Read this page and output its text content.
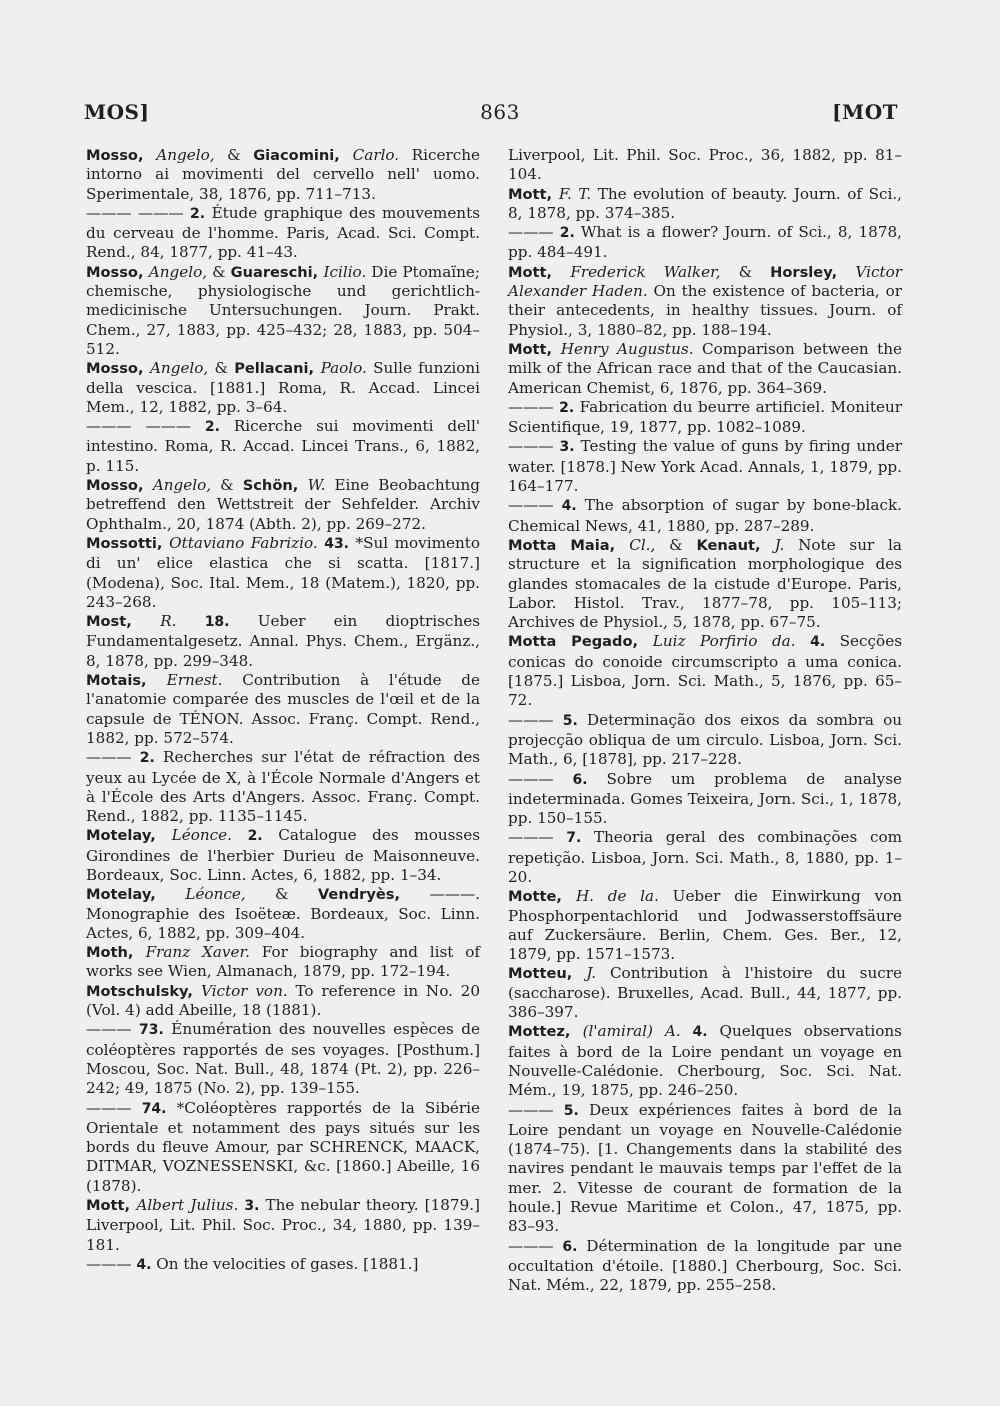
MOS]	863	[MOT

Mosso, Angelo, & Giacomini, Carlo. Ricerche intorno ai movimenti del cervello nell' uomo. Sperimentale, 38, 1876, pp. 711–713.

——— ——— 2. Étude graphique des mouvements du cerveau de l'homme. Paris, Acad. Sci. Compt. Rend., 84, 1877, pp. 41–43.

Mosso, Angelo, & Guareschi, Icilio. Die Ptomaïne; chemische, physiologische und gerichtlich-medicinische Untersuchungen. Journ. Prakt. Chem., 27, 1883, pp. 425–432; 28, 1883, pp. 504–512.

Mosso, Angelo, & Pellacani, Paolo. Sulle funzioni della vescica. [1881.] Roma, R. Accad. Lincei Mem., 12, 1882, pp. 3–64.

——— ——— 2. Ricerche sui movimenti dell' intestino. Roma, R. Accad. Lincei Trans., 6, 1882, p. 115.

Mosso, Angelo, & Schön, W. Eine Beobachtung betreffend den Wettstreit der Sehfelder. Archiv Ophthalm., 20, 1874 (Abth. 2), pp. 269–272.

Mossotti, Ottaviano Fabrizio. 43. *Sul movimento di un' elice elastica che si scatta. [1817.] (Modena), Soc. Ital. Mem., 18 (Matem.), 1820, pp. 243–268.

Most, R. 18. Ueber ein dioptrisches Fundamentalgesetz. Annal. Phys. Chem., Ergänz., 8, 1878, pp. 299–348.

Motais, Ernest. Contribution à l'étude de l'anatomie comparée des muscles de l'œil et de la capsule de TÉNON. Assoc. Franç. Compt. Rend., 1882, pp. 572–574.

——— 2. Recherches sur l'état de réfraction des yeux au Lycée de X, à l'École Normale d'Angers et à l'École des Arts d'Angers. Assoc. Franç. Compt. Rend., 1882, pp. 1135–1145.

Motelay, Léonce. 2. Catalogue des mousses Girondines de l'herbier Durieu de Maisonneuve. Bordeaux, Soc. Linn. Actes, 6, 1882, pp. 1–34.

Motelay, Léonce, & Vendryès, ———. Monographie des Isoëteæ. Bordeaux, Soc. Linn. Actes, 6, 1882, pp. 309–404.

Moth, Franz Xaver. For biography and list of works see Wien, Almanach, 1879, pp. 172–194.

Motschulsky, Victor von. To reference in No. 20 (Vol. 4) add Abeille, 18 (1881).

——— 73. Énumération des nouvelles espèces de coléoptères rapportés de ses voyages. [Posthum.] Moscou, Soc. Nat. Bull., 48, 1874 (Pt. 2), pp. 226–242; 49, 1875 (No. 2), pp. 139–155.

——— 74. *Coléoptères rapportés de la Sibérie Orientale et notamment des pays situés sur les bords du fleuve Amour, par SCHRENCK, MAACK, DITMAR, VOZNESSENSKI, &c. [1860.] Abeille, 16 (1878).

Mott, Albert Julius. 3. The nebular theory. [1879.] Liverpool, Lit. Phil. Soc. Proc., 34, 1880, pp. 139–181.

——— 4. On the velocities of gases. [1881.]

Liverpool, Lit. Phil. Soc. Proc., 36, 1882, pp. 81–104.

Mott, F. T. The evolution of beauty. Journ. of Sci., 8, 1878, pp. 374–385.

——— 2. What is a flower? Journ. of Sci., 8, 1878, pp. 484–491.

Mott, Frederick Walker, & Horsley, Victor Alexander Haden. On the existence of bacteria, or their antecedents, in healthy tissues. Journ. of Physiol., 3, 1880–82, pp. 188–194.

Mott, Henry Augustus. Comparison between the milk of the African race and that of the Caucasian. American Chemist, 6, 1876, pp. 364–369.

——— 2. Fabrication du beurre artificiel. Moniteur Scientifique, 19, 1877, pp. 1082–1089.

——— 3. Testing the value of guns by firing under water. [1878.] New York Acad. Annals, 1, 1879, pp. 164–177.

——— 4. The absorption of sugar by bone-black. Chemical News, 41, 1880, pp. 287–289.

Motta Maia, Cl., & Kenaut, J. Note sur la structure et la signification morphologique des glandes stomacales de la cistude d'Europe. Paris, Labor. Histol. Trav., 1877–78, pp. 105–113; Archives de Physiol., 5, 1878, pp. 67–75.

Motta Pegado, Luiz Porfirio da. 4. Secções conicas do conoide circumscripto a uma conica. [1875.] Lisboa, Jorn. Sci. Math., 5, 1876, pp. 65–72.

——— 5. Determinação dos eixos da sombra ou projecção obliqua de um circulo. Lisboa, Jorn. Sci. Math., 6, [1878], pp. 217–228.

——— 6. Sobre um problema de analyse indeterminada. Gomes Teixeira, Jorn. Sci., 1, 1878, pp. 150–155.

——— 7. Theoria geral des combinações com repetição. Lisboa, Jorn. Sci. Math., 8, 1880, pp. 1–20.

Motte, H. de la. Ueber die Einwirkung von Phosphorpentachlorid und Jodwasserstoffsäure auf Zuckersäure. Berlin, Chem. Ges. Ber., 12, 1879, pp. 1571–1573.

Motteu, J. Contribution à l'histoire du sucre (saccharose). Bruxelles, Acad. Bull., 44, 1877, pp. 386–397.

Mottez, (l'amiral) A. 4. Quelques observations faites à bord de la Loire pendant un voyage en Nouvelle-Calédonie. Cherbourg, Soc. Sci. Nat. Mém., 19, 1875, pp. 246–250.

——— 5. Deux expériences faites à bord de la Loire pendant un voyage en Nouvelle-Calédonie (1874–75). [1. Changements dans la stabilité des navires pendant le mauvais temps par l'effet de la mer. 2. Vitesse de courant de formation de la houle.] Revue Maritime et Colon., 47, 1875, pp. 83–93.

——— 6. Détermination de la longitude par une occultation d'étoile. [1880.] Cherbourg, Soc. Sci. Nat. Mém., 22, 1879, pp. 255–258.
